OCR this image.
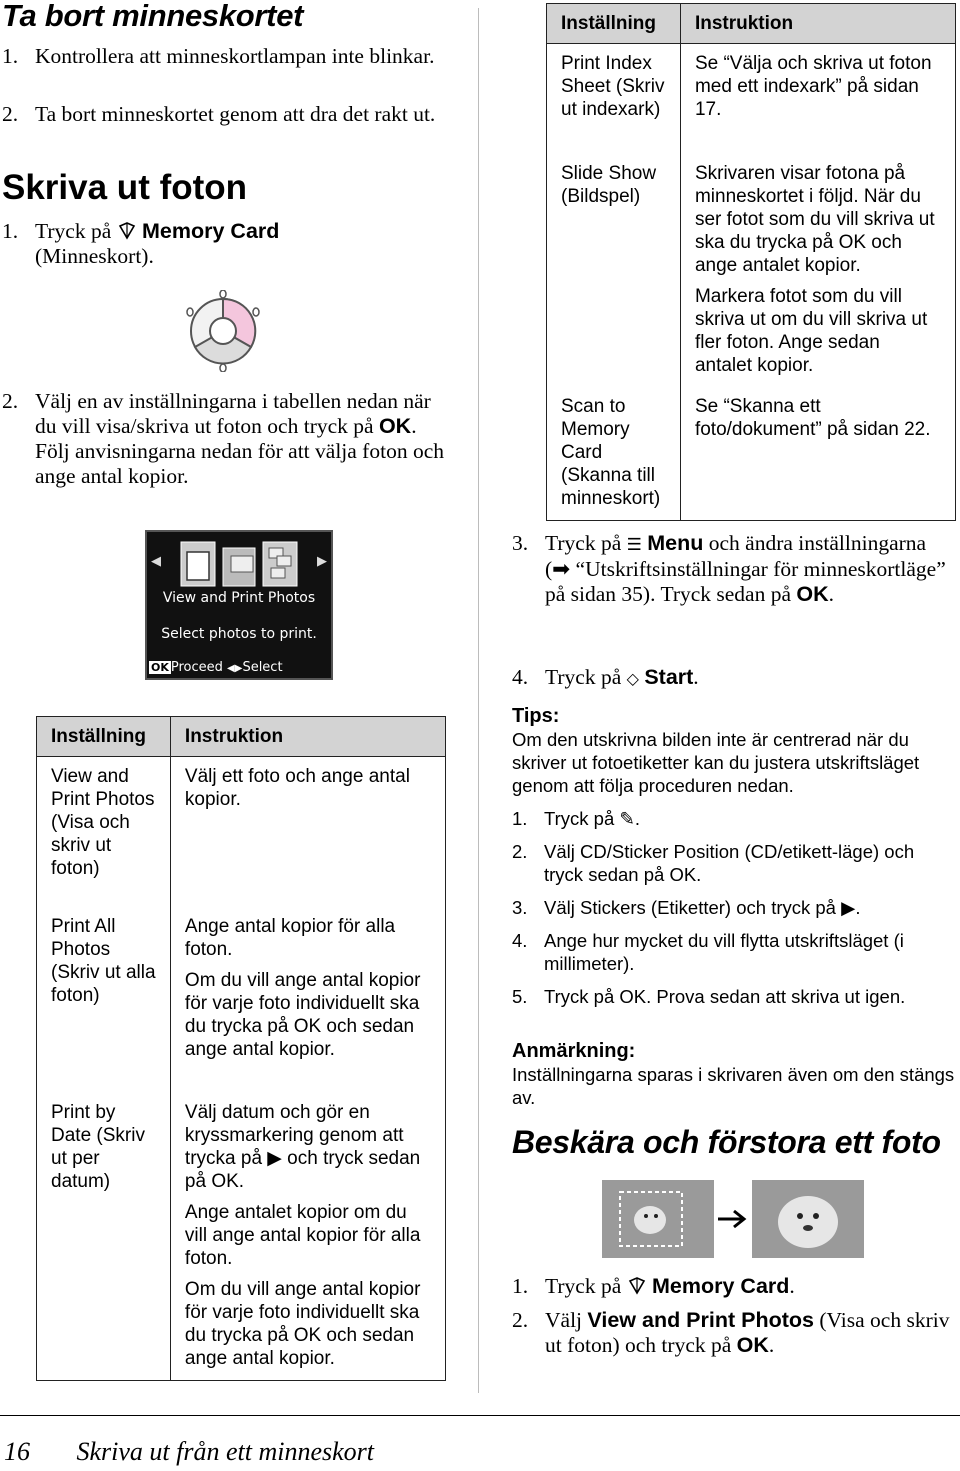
Ta bort minneskortet
1. Kontrollera att minneskortlampan inte blinkar.
2. Ta bort minneskortet genom att dra det rakt ut.
Skriva ut foton
1. Tryck på Memory Card
(Minneskort).
2. Välj en av inställningarna i tabellen nedan när du vill visa/skriva ut foton och tryck på OK. Följ anvisningarna nedan för att välja foton och ange antal kopior.
◀	▶
View and Print Photos
Select photos to print.
OK Proceed ◀▶Select
Inställning	Instruktion
View and Print Photos (Visa och skriv ut foton)	Välj ett foto och ange antal kopior.

Print All Photos (Skriv ut alla foton)	Ange antal kopior för alla foton.
Om du vill ange antal kopior för varje foto individuellt ska du trycka på OK och sedan ange antal kopior.

Print by Date (Skriv ut per datum)	Välj datum och gör en kryssmarkering genom att trycka på ▶ och tryck sedan på OK.
Ange antalet kopior om du vill ange antal kopior för alla foton.
Om du vill ange antal kopior för varje foto individuellt ska du trycka på OK och sedan ange antal kopior.
Inställning	Instruktion
Print Index Sheet (Skriv ut indexark)	Se “Välja och skriva ut foton med ett indexark” på sidan 17.

Slide Show (Bildspel)	Skrivaren visar fotona på minneskortet i följd. När du ser fotot som du vill skriva ut ska du trycka på OK och ange antalet kopior.
Markera fotot som du vill skriva ut om du vill skriva ut fler foton. Ange sedan antalet kopior.

Scan to Memory Card (Skanna till minneskort)	Se “Skanna ett foto/dokument” på sidan 22.
3. Tryck på ☰ Menu och ändra inställningarna (➡ “Utskriftsinställningar för minneskortläge” på sidan 35). Tryck sedan på OK.
4. Tryck på ◇ Start.
Tips:
Om den utskrivna bilden inte är centrerad när du skriver ut fotoetiketter kan du justera utskriftsläget genom att följa proceduren nedan.
1. Tryck på ✎.
2. Välj CD/Sticker Position (CD/etikett-läge) och tryck sedan på OK.
3. Välj Stickers (Etiketter) och tryck på ▶.
4. Ange hur mycket du vill flytta utskriftsläget (i millimeter).
5. Tryck på OK. Prova sedan att skriva ut igen.
Anmärkning:
Inställningarna sparas i skrivaren även om den stängs av.
Beskära och förstora ett foto
1. Tryck på Memory Card.
2. Välj View and Print Photos (Visa och skriv ut foton) och tryck på OK.
16 Skriva ut från ett minneskort
